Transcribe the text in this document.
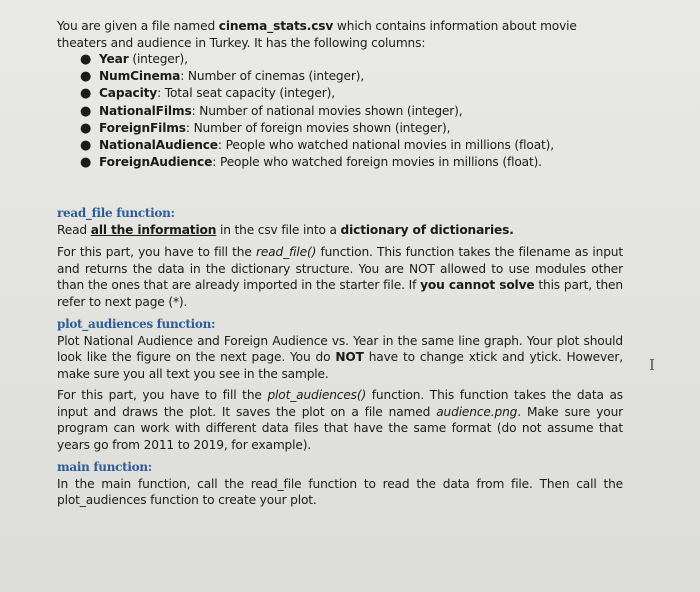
You are given a file named cinema_stats.csv which contains information about movie theaters and audience in Turkey. It has the following columns:

● Year (integer),
● NumCinema: Number of cinemas (integer),
● Capacity: Total seat capacity (integer),
● NationalFilms: Number of national movies shown (integer),
● ForeignFilms: Number of foreign movies shown (integer),
● NationalAudience: People who watched national movies in millions (float),
● ForeignAudience: People who watched foreign movies in millions (float).

read_file function:

Read all the information in the csv file into a dictionary of dictionaries.

For this part, you have to fill the read_file() function. This function takes the filename as input and returns the data in the dictionary structure. You are NOT allowed to use modules other than the ones that are already imported in the starter file. If you cannot solve this part, then refer to next page (*).

plot_audiences function:

Plot National Audience and Foreign Audience vs. Year in the same line graph. Your plot should look like the figure on the next page. You do NOT have to change xtick and ytick. However, make sure you all text you see in the sample.

For this part, you have to fill the plot_audiences() function. This function takes the data as input and draws the plot. It saves the plot on a file named audience.png. Make sure your program can work with different data files that have the same format (do not assume that years go from 2011 to 2019, for example).

main function:

In the main function, call the read_file function to read the data from file. Then call the plot_audiences function to create your plot.

I
